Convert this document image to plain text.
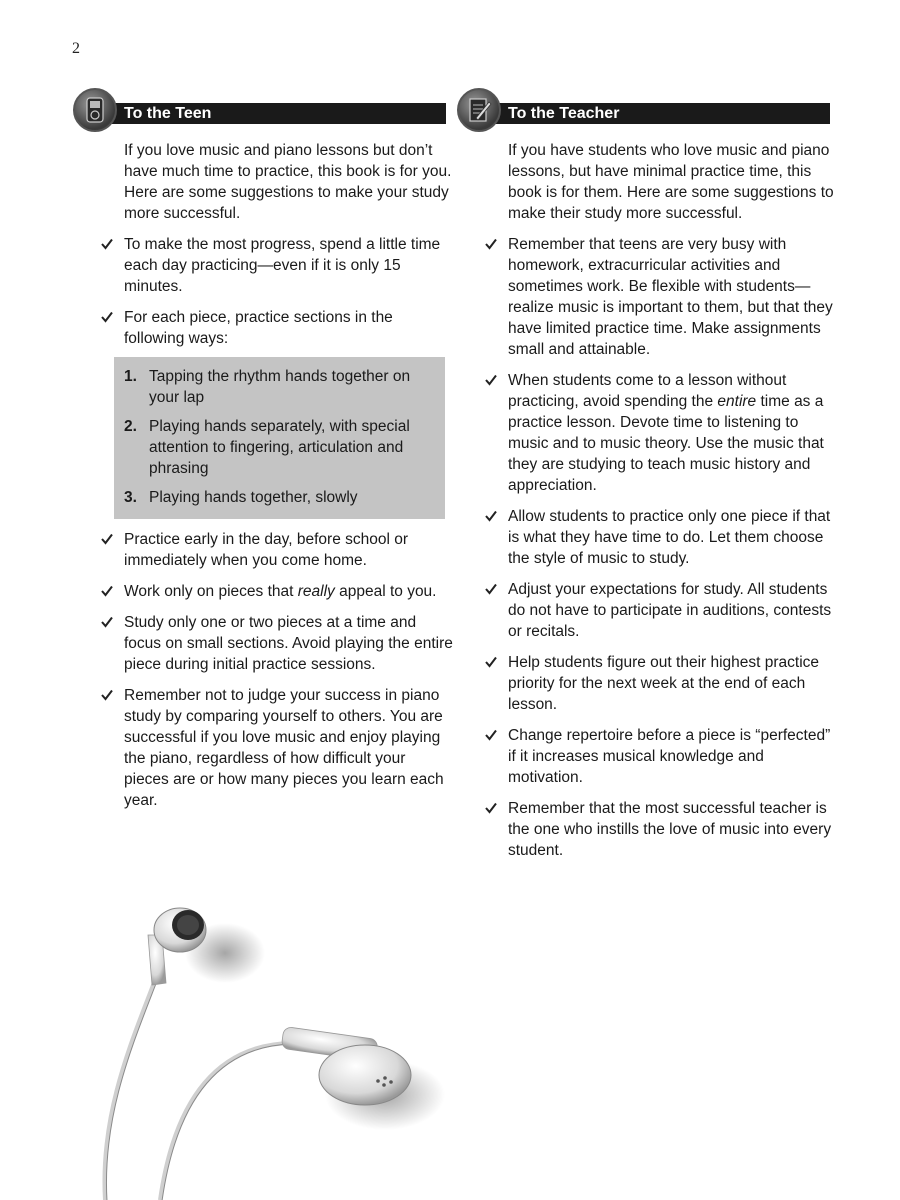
2
To the Teen
If you love music and piano lessons but don’t have much time to practice, this book is for you. Here are some suggestions to make your study more successful.
To make the most progress, spend a little time each day practicing—even if it is only 15 minutes.
For each piece, practice sections in the following ways:
1. Tapping the rhythm hands together on your lap
2. Playing hands separately, with special attention to fingering, articulation and phrasing
3. Playing hands together, slowly
Practice early in the day, before school or immediately when you come home.
Work only on pieces that really appeal to you.
Study only one or two pieces at a time and focus on small sections. Avoid playing the entire piece during initial practice sessions.
Remember not to judge your success in piano study by comparing yourself to others. You are successful if you love music and enjoy playing the piano, regardless of how difficult your pieces are or how many pieces you learn each year.
To the Teacher
If you have students who love music and piano lessons, but have minimal practice time, this book is for them. Here are some suggestions to make their study more successful.
Remember that teens are very busy with homework, extracurricular activities and sometimes work. Be flexible with students—realize music is important to them, but that they have limited practice time. Make assignments small and attainable.
When students come to a lesson without practicing, avoid spending the entire time as a practice lesson. Devote time to listening to music and to music theory. Use the music that they are studying to teach music history and appreciation.
Allow students to practice only one piece if that is what they have time to do. Let them choose the style of music to study.
Adjust your expectations for study. All students do not have to participate in auditions, contests or recitals.
Help students figure out their highest practice priority for the next week at the end of each lesson.
Change repertoire before a piece is “perfected” if it increases musical knowledge and motivation.
Remember that the most successful teacher is the one who instills the love of music into every student.
